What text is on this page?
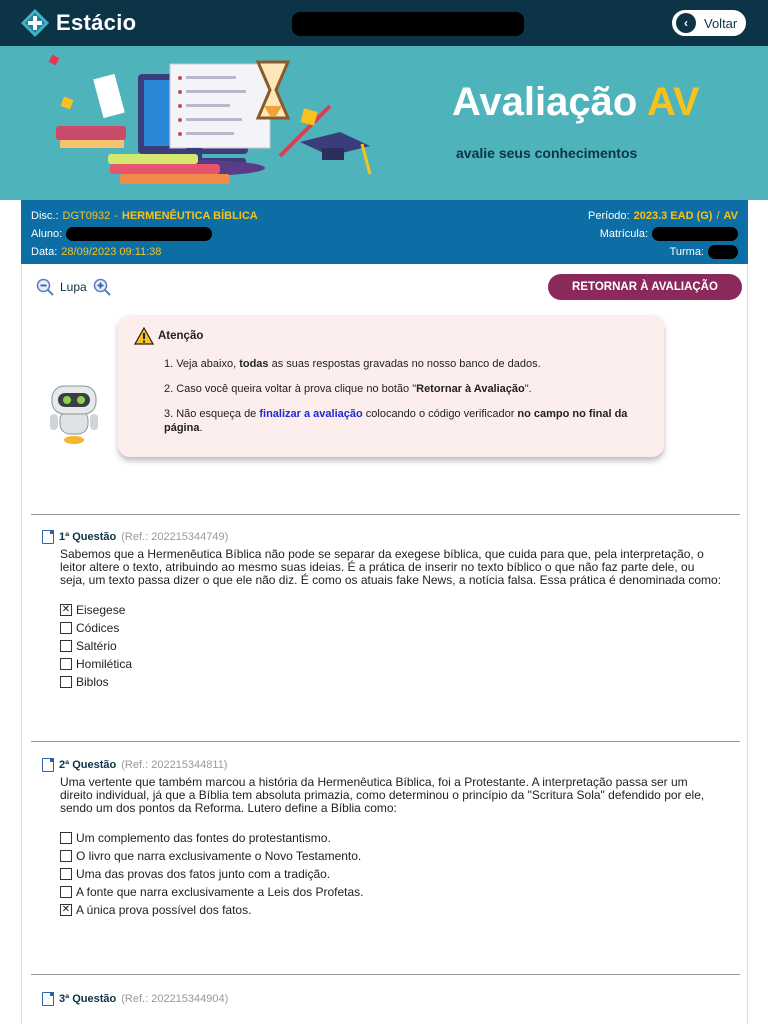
Estácio	‹	Voltar
Avaliação AV
avalie seus conhecimentos
Disc.: DGT0932 - HERMENÊUTICA BÍBLICA	Período: 2023.3 EAD (G) / AV
Aluno:	Matrícula:
Data: 28/09/2023 09:11:38	Turma:
Lupa	RETORNAR À AVALIAÇÃO
Atenção
1. Veja abaixo, todas as suas respostas gravadas no nosso banco de dados.
2. Caso você queira voltar à prova clique no botão "Retornar à Avaliação".
3. Não esqueça de finalizar a avaliação colocando o código verificador no campo no final da página.
1ª Questão (Ref.: 202215344749)
Sabemos que a Hermenêutica Bíblica não pode se separar da exegese bíblica, que cuida para que, pela interpretação, o leitor altere o texto, atribuindo ao mesmo suas ideias. É a prática de inserir no texto bíblico o que não faz parte dele, ou seja, um texto passa dizer o que ele não diz. É como os atuais fake News, a notícia falsa. Essa prática é denominada como:
✕ Eisegese
Códices
Saltério
Homilética
Biblos
2ª Questão (Ref.: 202215344811)
Uma vertente que também marcou a história da Hermenêutica Bíblica, foi a Protestante. A interpretação passa ser um direito individual, já que a Bíblia tem absoluta primazia, como determinou o princípio da "Scritura Sola" defendido por ele, sendo um dos pontos da Reforma. Lutero define a Bíblia como:
Um complemento das fontes do protestantismo.
O livro que narra exclusivamente o Novo Testamento.
Uma das provas dos fatos junto com a tradição.
A fonte que narra exclusivamente a Leis dos Profetas.
✕ A única prova possível dos fatos.
3ª Questão (Ref.: 202215344904)
